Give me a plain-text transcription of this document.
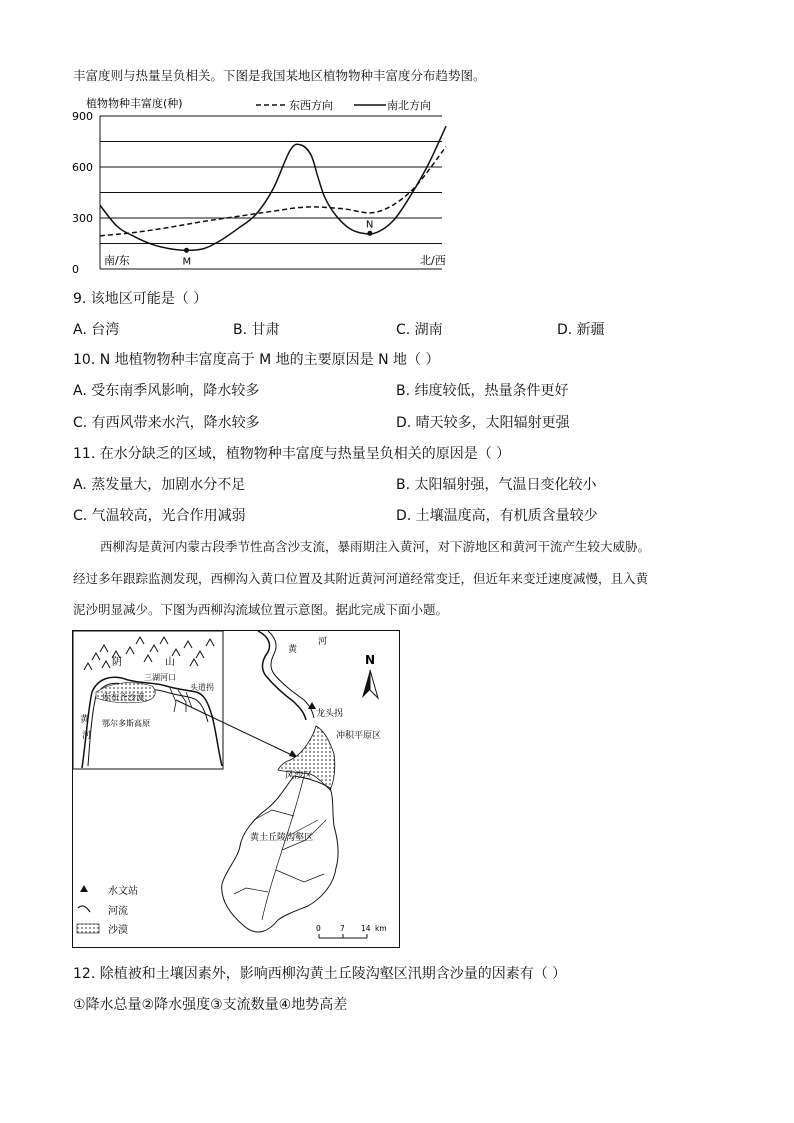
丰富度则与热量呈负相关。下图是我国某地区植物物种丰富度分布趋势图。
植物物种丰富度(种)	东西方向	南北方向
900
600
300
0
M
N
南/东	北/西
9. 该地区可能是（ ）
A. 台湾	B. 甘肃	C. 湖南	D. 新疆
10. N 地植物物种丰富度高于 M 地的主要原因是 N 地（ ）
A. 受东南季风影响，降水较多	B. 纬度较低，热量条件更好
C. 有西风带来水汽，降水较多	D. 晴天较多，太阳辐射更强
11. 在水分缺乏的区域，植物物种丰富度与热量呈负相关的原因是（ ）
A. 蒸发量大，加剧水分不足	B. 太阳辐射强，气温日变化较小
C. 气温较高，光合作用减弱	D. 土壤温度高，有机质含量较少
西柳沟是黄河内蒙古段季节性高含沙支流，暴雨期注入黄河，对下游地区和黄河干流产生较大威胁。
经过多年跟踪监测发现，西柳沟入黄口位置及其附近黄河河道经常变迁，但近年来变迁速度减慢，且入黄
泥沙明显减少。下图为西柳沟流域位置示意图。据此完成下面小题。
阴	山
三湖河口
头道拐
库布齐沙漠
黄
河
鄂尔多斯高原
黄
河
N
龙头拐
冲积平原区
风沙区
黄土丘陵沟壑区
水文站
河流
沙漠	0	7 14 km
12. 除植被和土壤因素外，影响西柳沟黄土丘陵沟壑区汛期含沙量的因素有（ ）
①降水总量②降水强度③支流数量④地势高差
